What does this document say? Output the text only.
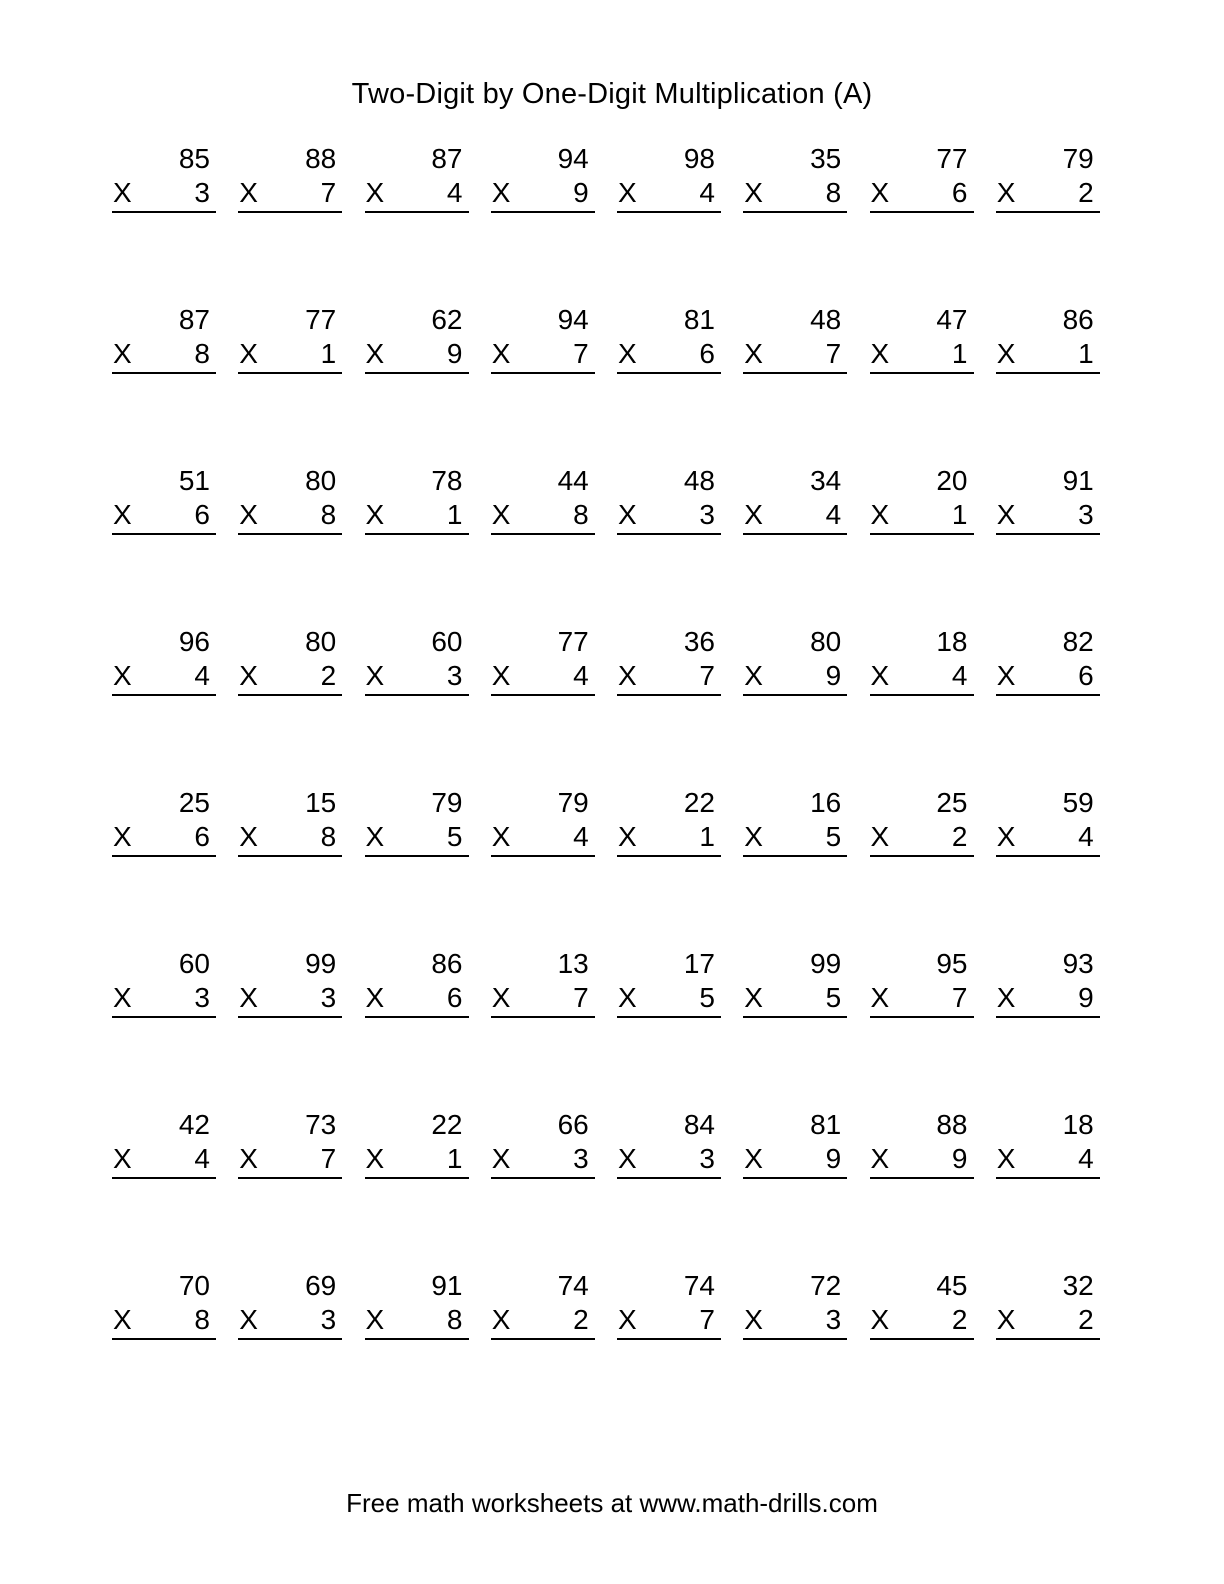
Two-Digit by One-Digit Multiplication (A)
85
X 3
88
X 7
87
X 4
94
X 9
98
X 4
35
X 8
77
X 6
79
X 2
87
X 8
77
X 1
62
X 9
94
X 7
81
X 6
48
X 7
47
X 1
86
X 1
51
X 6
80
X 8
78
X 1
44
X 8
48
X 3
34
X 4
20
X 1
91
X 3
96
X 4
80
X 2
60
X 3
77
X 4
36
X 7
80
X 9
18
X 4
82
X 6
25
X 6
15
X 8
79
X 5
79
X 4
22
X 1
16
X 5
25
X 2
59
X 4
60
X 3
99
X 3
86
X 6
13
X 7
17
X 5
99
X 5
95
X 7
93
X 9
42
X 4
73
X 7
22
X 1
66
X 3
84
X 3
81
X 9
88
X 9
18
X 4
70
X 8
69
X 3
91
X 8
74
X 2
74
X 7
72
X 3
45
X 2
32
X 2
Free math worksheets at www.math-drills.com
